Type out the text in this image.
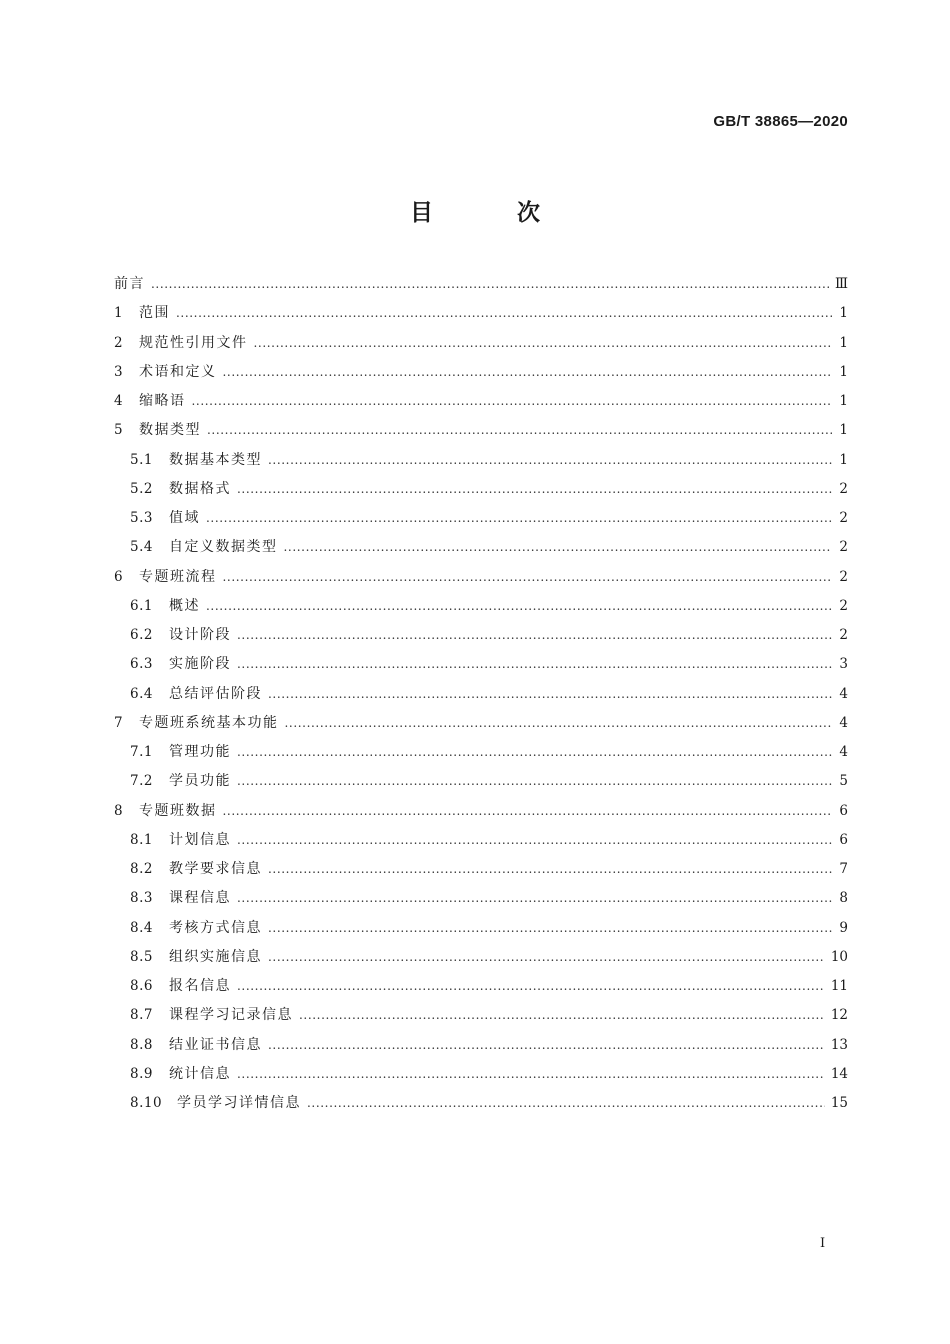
GB/T 38865—2020
目 次
前言 .....	Ⅲ
1	范围 .....	1
2	规范性引用文件 .....	1
3	术语和定义 .....	1
4	缩略语 .....	1
5	数据类型 .....	1
5.1	数据基本类型 .....	1
5.2	数据格式 .....	2
5.3	值域 .....	2
5.4	自定义数据类型 .....	2
6	专题班流程 .....	2
6.1	概述 .....	2
6.2	设计阶段 .....	2
6.3	实施阶段 .....	3
6.4	总结评估阶段 .....	4
7	专题班系统基本功能 .....	4
7.1	管理功能 .....	4
7.2	学员功能 .....	5
8	专题班数据 .....	6
8.1	计划信息 .....	6
8.2	教学要求信息 .....	7
8.3	课程信息 .....	8
8.4	考核方式信息 .....	9
8.5	组织实施信息 .....	10
8.6	报名信息 .....	11
8.7	课程学习记录信息 .....	12
8.8	结业证书信息 .....	13
8.9	统计信息 .....	14
8.10	学员学习详情信息 .....	15
I
